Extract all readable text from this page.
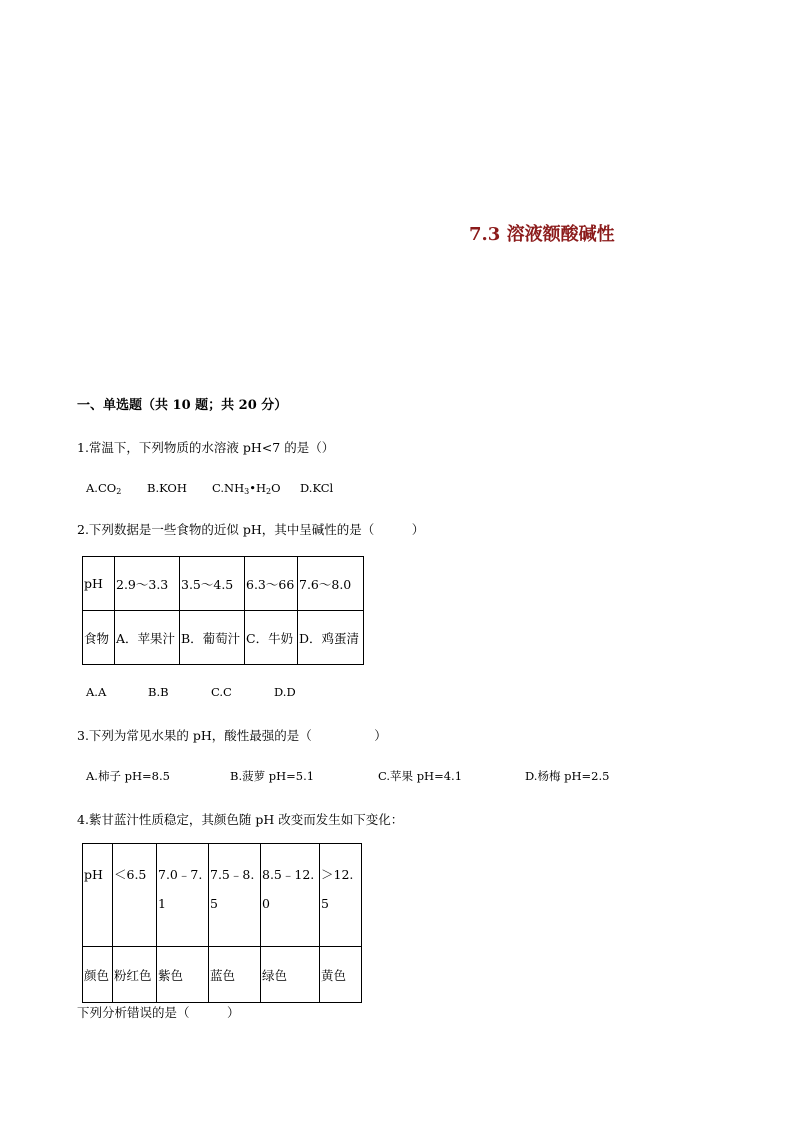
7.3 溶液额酸碱性
一、单选题（共 10 题；共 20 分）
1.常温下，下列物质的水溶液 pH<7 的是（）
$A.CO_2$ B.KOH $C.NH_3•H_2O$ D.KCl
2.下列数据是一些食物的近似 pH，其中呈碱性的是（　　　）
pH	2.9～3.3	3.5～4.5	6.3～66	7.6～8.0
食物	A．苹果汁	B．葡萄汁	C．牛奶	D．鸡蛋清
A.A	B.B	C.C	D.D
3.下列为常见水果的 pH，酸性最强的是（　　　　　）
A.柿子 pH=8.5	B.菠萝 pH=5.1	C.苹果 pH=4.1	D.杨梅 pH=2.5
4.紫甘蓝汁性质稳定，其颜色随 pH 改变而发生如下变化：
pH	＜6.5	7.0﹣7.1	7.5﹣8.5	8.5﹣12.0	＞12.5
颜色	粉红色	紫色	蓝色	绿色	黄色
下列分析错误的是（　　　）
